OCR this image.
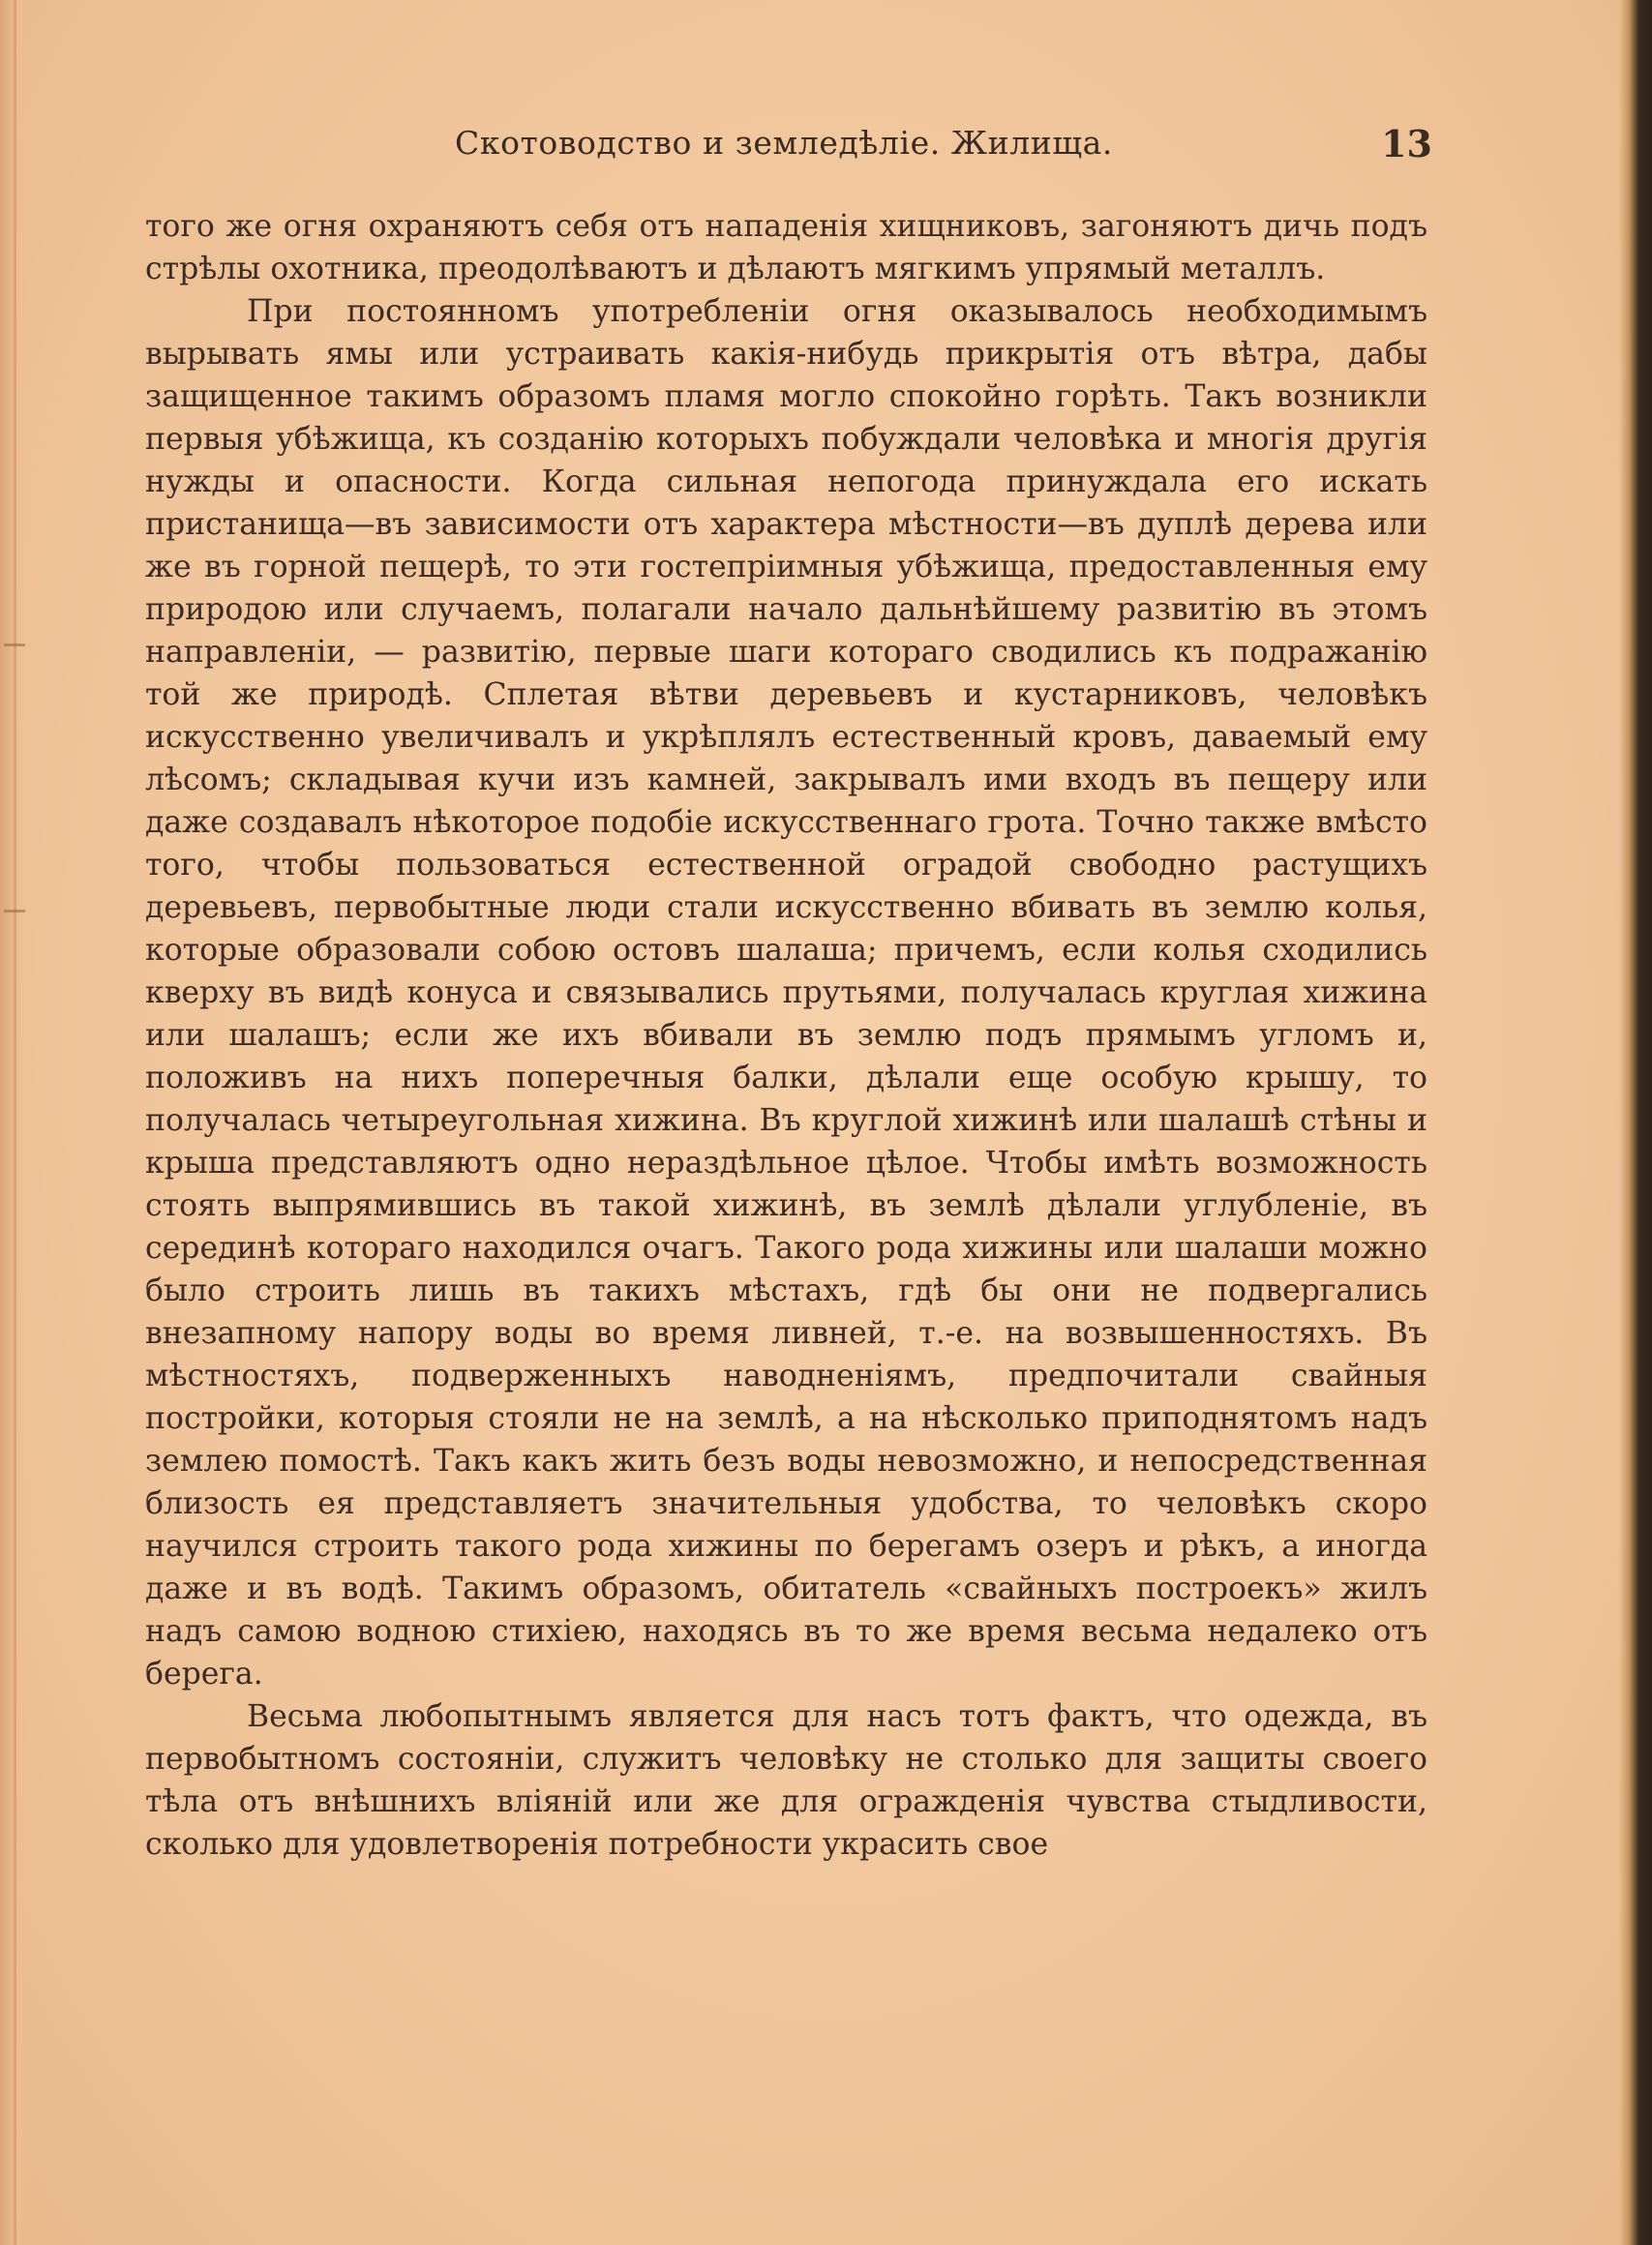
Скотоводство и земледѣліе. Жилища.	13

того же огня охраняютъ себя отъ нападенія хищниковъ, загоняютъ дичь подъ стрѣлы охотника, преодолѣваютъ и дѣлаютъ мягкимъ упрямый металлъ.

При постоянномъ употребленіи огня оказывалось необходимымъ вырывать ямы или устраивать какія-нибудь прикрытія отъ вѣтра, дабы защищенное такимъ образомъ пламя могло спокойно горѣть. Такъ возникли первыя убѣжища, къ созданію которыхъ побуждали человѣка и многія другія нужды и опасности. Когда сильная непогода принуждала его искать пристанища—въ зависимости отъ характера мѣстности—въ дуплѣ дерева или же въ горной пещерѣ, то эти гостепріимныя убѣжища, предоставленныя ему природою или случаемъ, полагали начало дальнѣйшему развитію въ этомъ направленіи, — развитію, первые шаги котораго сводились къ подражанію той же природѣ. Сплетая вѣтви деревьевъ и кустарниковъ, человѣкъ искусственно увеличивалъ и укрѣплялъ естественный кровъ, даваемый ему лѣсомъ; складывая кучи изъ камней, закрывалъ ими входъ въ пещеру или даже создавалъ нѣкоторое подобіе искусственнаго грота. Точно также вмѣсто того, чтобы пользоваться естественной оградой свободно растущихъ деревьевъ, первобытные люди стали искусственно вбивать въ землю колья, которые образовали собою остовъ шалаша; причемъ, если колья сходились кверху въ видѣ конуса и связывались прутьями, получалась круглая хижина или шалашъ; если же ихъ вбивали въ землю подъ прямымъ угломъ и, положивъ на нихъ поперечныя балки, дѣлали еще особую крышу, то получалась четыреугольная хижина. Въ круглой хижинѣ или шалашѣ стѣны и крыша представляютъ одно нераздѣльное цѣлое. Чтобы имѣть возможность стоять выпрямившись въ такой хижинѣ, въ землѣ дѣлали углубленіе, въ серединѣ котораго находился очагъ. Такого рода хижины или шалаши можно было строить лишь въ такихъ мѣстахъ, гдѣ бы они не подвергались внезапному напору воды во время ливней, т.-е. на возвышенностяхъ. Въ мѣстностяхъ, подверженныхъ наводненіямъ, предпочитали свайныя постройки, которыя стояли не на землѣ, а на нѣсколько приподнятомъ надъ землею помостѣ. Такъ какъ жить безъ воды невозможно, и непосредственная близость ея представляетъ значительныя удобства, то человѣкъ скоро научился строить такого рода хижины по берегамъ озеръ и рѣкъ, а иногда даже и въ водѣ. Такимъ образомъ, обитатель «свайныхъ построекъ» жилъ надъ самою водною стихіею, находясь въ то же время весьма недалеко отъ берега.

Весьма любопытнымъ является для насъ тотъ фактъ, что одежда, въ первобытномъ состояніи, служитъ человѣку не столько для защиты своего тѣла отъ внѣшнихъ вліяній или же для огражденія чувства стыдливости, сколько для удовлетворенія потребности украсить свое
